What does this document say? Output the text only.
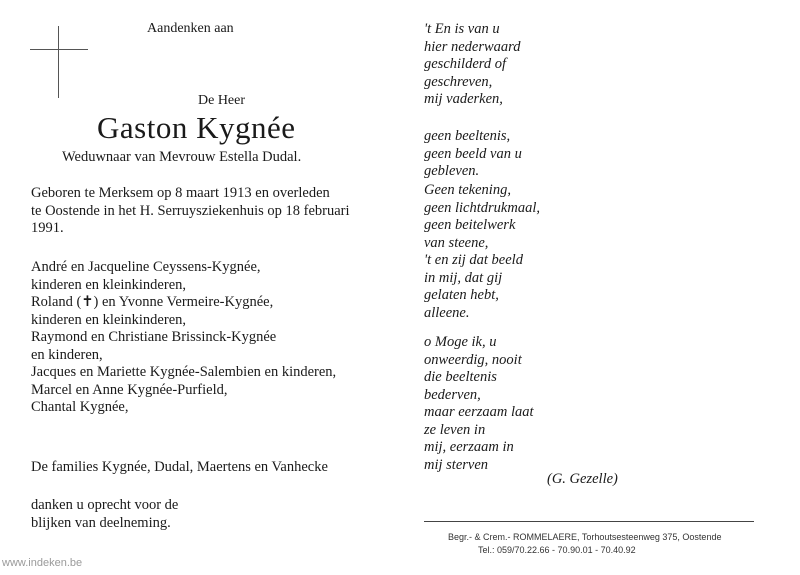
Aandenken aan
De Heer
Gaston Kygnée
Weduwnaar van Mevrouw Estella Dudal.
Geboren te Merksem op 8 maart 1913 en overleden
te Oostende in het H. Serruysziekenhuis op 18 februari
1991.
André en Jacqueline Ceyssens-Kygnée,
kinderen en kleinkinderen,
Roland (✝) en Yvonne Vermeire-Kygnée,
kinderen en kleinkinderen,
Raymond en Christiane Brissinck-Kygnée
en kinderen,
Jacques en Mariette Kygnée-Salembien en kinderen,
Marcel en Anne Kygnée-Purfield,
Chantal Kygnée,
De families Kygnée, Dudal, Maertens en Vanhecke
danken u oprecht voor de
blijken van deelneming.
't En is van u
hier nederwaard
geschilderd of
geschreven,
mij vaderken,
geen beeltenis,
geen beeld van u
gebleven.
Geen tekening,
geen lichtdrukmaal,
geen beitelwerk
van steene,
't en zij dat beeld
in mij, dat gij
gelaten hebt,
alleene.
o Moge ik, u
onweerdig, nooit
die beeltenis
bederven,
maar eerzaam laat
ze leven in
mij, eerzaam in
mij sterven
(G. Gezelle)
Begr.- & Crem.- ROMMELAERE, Torhoutsesteenweg 375, Oostende
Tel.: 059/70.22.66 - 70.90.01 - 70.40.92
www.indeken.be
